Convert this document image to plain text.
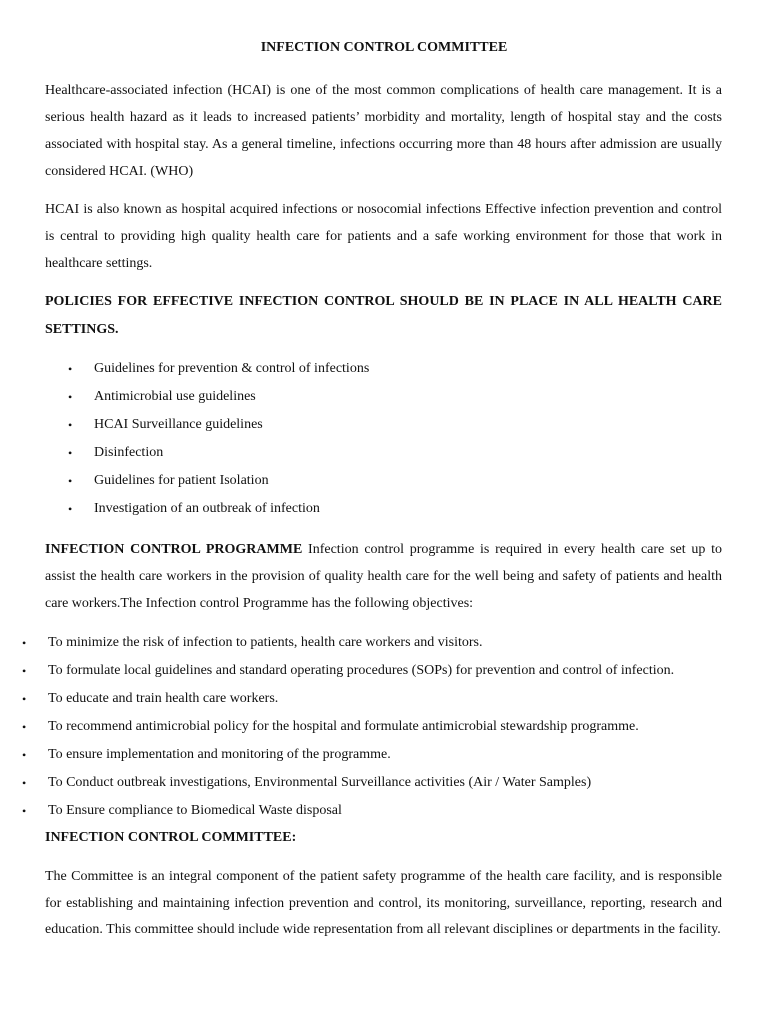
INFECTION CONTROL COMMITTEE

Healthcare-associated infection (HCAI) is one of the most common complications of health care management. It is a serious health hazard as it leads to increased patients’ morbidity and mortality, length of hospital stay and the costs associated with hospital stay. As a general timeline, infections occurring more than 48 hours after admission are usually considered HCAI. (WHO)

HCAI is also known as hospital acquired infections or nosocomial infections Effective infection prevention and control is central to providing high quality health care for patients and a safe working environment for those that work in healthcare settings.

POLICIES FOR EFFECTIVE INFECTION CONTROL SHOULD BE IN PLACE IN ALL HEALTH CARE SETTINGS.
•	Guidelines for prevention & control of infections
•	Antimicrobial use guidelines
•	HCAI Surveillance guidelines
•	Disinfection
•	Guidelines for patient Isolation
•	Investigation of an outbreak of infection

INFECTION CONTROL PROGRAMME Infection control programme is required in every health care set up to assist the health care workers in the provision of quality health care for the well being and safety of patients and health care workers.The Infection control Programme has the following objectives:

•	To minimize the risk of infection to patients, health care workers and visitors.
•	To formulate local guidelines and standard operating procedures (SOPs) for prevention and control of infection.
•	To educate and train health care workers.
•	To recommend antimicrobial policy for the hospital and formulate antimicrobial stewardship programme.
•	To ensure implementation and monitoring of the programme.
•	To Conduct outbreak investigations, Environmental Surveillance activities (Air / Water Samples)
•	To Ensure compliance to Biomedical Waste disposal
INFECTION CONTROL COMMITTEE:

The Committee is an integral component of the patient safety programme of the health care facility, and is responsible for establishing and maintaining infection prevention and control, its monitoring, surveillance, reporting, research and education. This committee should include wide representation from all relevant disciplines or departments in the facility.
